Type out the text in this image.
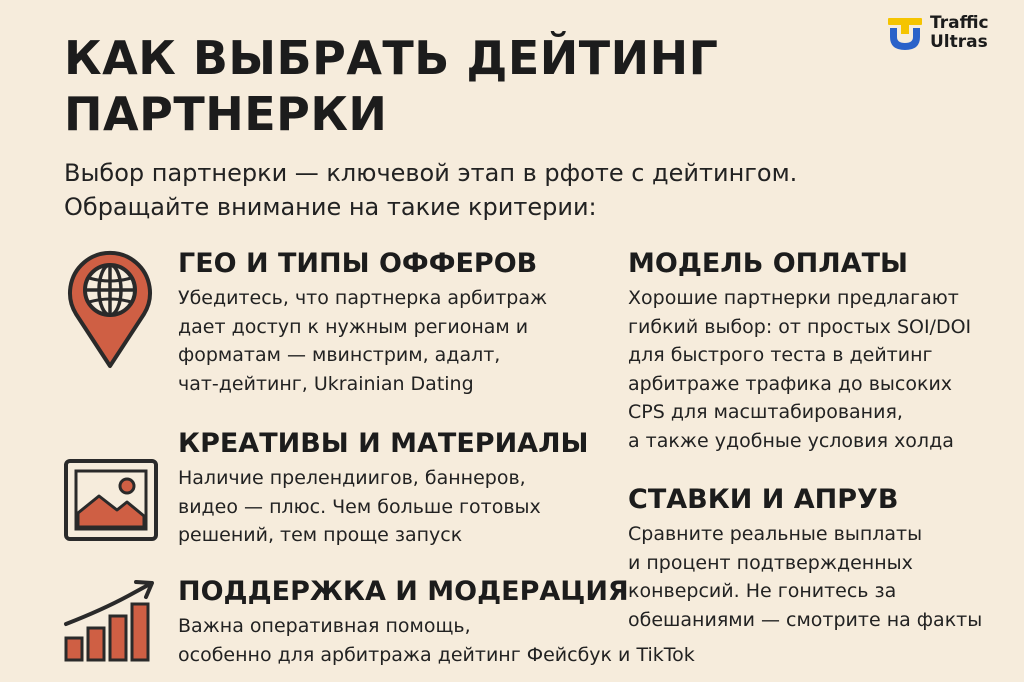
КАК ВЫБРАТЬ ДЕЙТИНГ
ПАРТНЕРКИ
Traffic
Ultras
Выбор партнерки — ключевой этап в рфоте с дейтингом.
Обращайте внимание на такие критерии:
ГЕО И ТИПЫ ОФФЕРОВ
Убедитесь, что партнерка арбитраж
дает доступ к нужным регионам и
форматам — мвинстрим, адалт,
чат-дейтинг, Ukrainian Dating
КРЕАТИВЫ И МАТЕРИАЛЫ
Наличие прелендиигов, баннеров,
видео — плюс. Чем больше готовых
решений, тем проще запуск
ПОДДЕРЖКА И МОДЕРАЦИЯ
Важна оперативная помощь,
особенно для арбитража дейтинг Фейсбук и TikTok
МОДЕЛЬ ОПЛАТЫ
Хорошие партнерки предлагают
гибкий выбор: от простых SOI/DOI
для быстрого теста в дейтинг
арбитраже трафика до высоких
CPS для масштабирования,
а также удобные условия холда
СТАВКИ И АПРУВ
Сравните реальные выплаты
и процент подтвержденных
конверсий. Не гонитесь за
обешаниями — смотрите на факты
